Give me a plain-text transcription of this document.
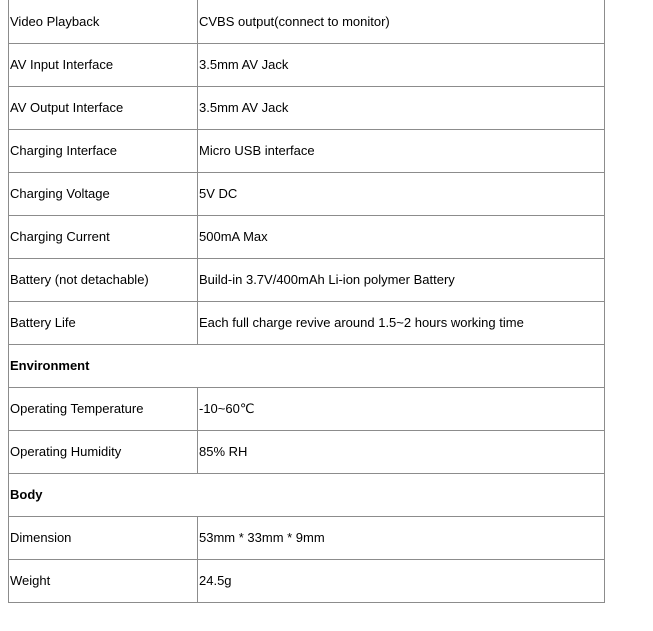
Video Playback	CVBS output(connect to monitor)
AV Input Interface	3.5mm AV Jack
AV Output Interface	3.5mm AV Jack
Charging Interface	Micro USB interface
Charging Voltage	5V DC
Charging Current	500mA Max
Battery (not detachable)	Build-in 3.7V/400mAh Li-ion polymer Battery
Battery Life	Each full charge revive around 1.5~2 hours working time
Environment	
Operating Temperature	-10~60℃
Operating Humidity	85% RH
Body	
Dimension	53mm * 33mm * 9mm
Weight	24.5g
